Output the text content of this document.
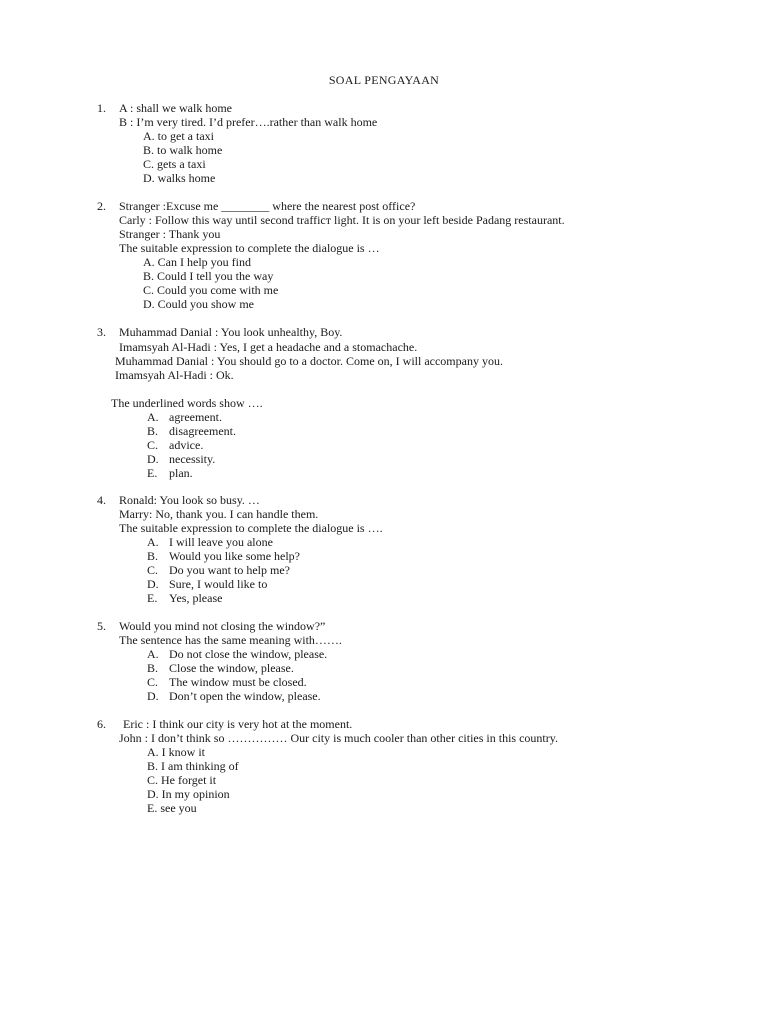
SOAL PENGAYAAN
1. A : shall we walk home
B : I’m very tired. I’d prefer….rather than walk home
A. to get a taxi
B. to walk home
C. gets a taxi
D. walks home
2. Stranger :Excuse me ________ where the nearest post office?
Carly : Follow this way until second trafficт light. It is on your left beside Padang restaurant.
Stranger : Thank you
The suitable expression to complete the dialogue is …
A. Can I help you find
B. Could I tell you the way
C. Could you come with me
D. Could you show me
3. Muhammad Danial : You look unhealthy, Boy.
Imamsyah Al-Hadi : Yes, I get a headache and a stomachache.
Muhammad Danial : You should go to a doctor. Come on, I will accompany you.
Imamsyah Al-Hadi : Ok.
The underlined words show ….
A. agreement.
B. disagreement.
C. advice.
D. necessity.
E. plan.
4. Ronald: You look so busy. …
Marry: No, thank you. I can handle them.
The suitable expression to complete the dialogue is ….
A. I will leave you alone
B. Would you like some help?
C. Do you want to help me?
D. Sure, I would like to
E. Yes, please
5. Would you mind not closing the window?”
The sentence has the same meaning with…….
A. Do not close the window, please.
B. Close the window, please.
C. The window must be closed.
D. Don’t open the window, please.
6. Eric : I think our city is very hot at the moment.
John : I don’t think so …………… Our city is much cooler than other cities in this country.
A. I know it
B. I am thinking of
C. He forget it
D. In my opinion
E. see you
